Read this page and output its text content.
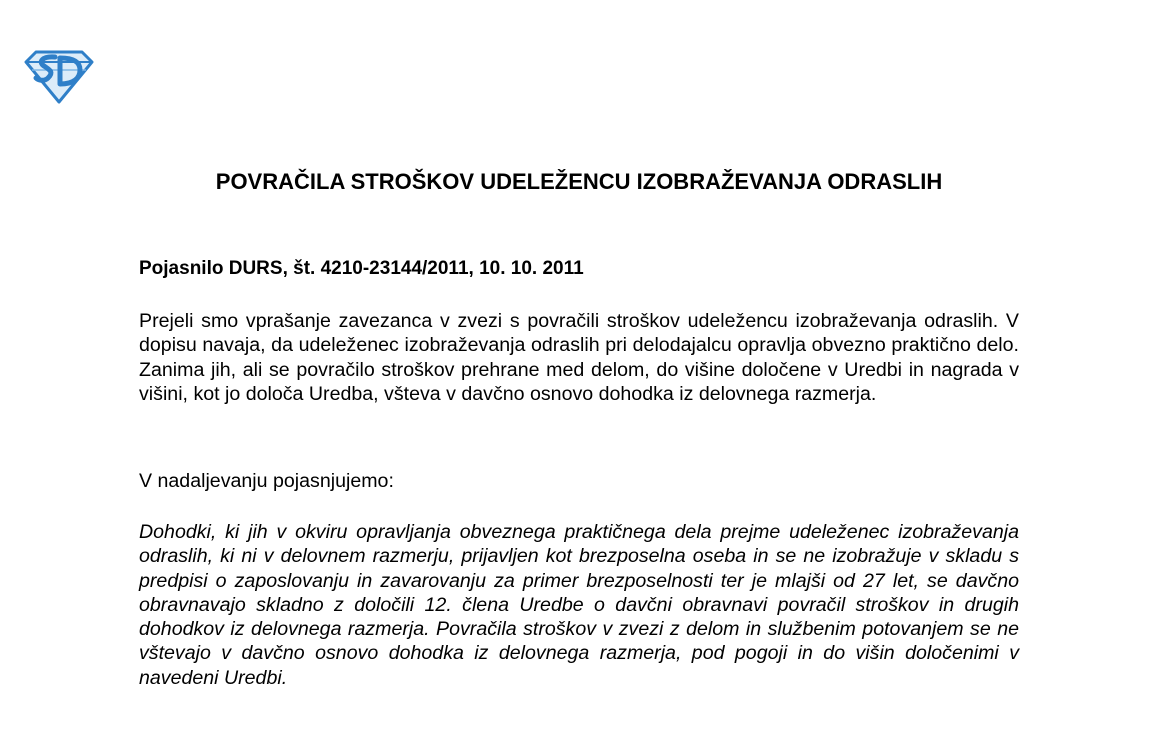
POVRAČILA STROŠKOV UDELEŽENCU IZOBRAŽEVANJA ODRASLIH

Pojasnilo DURS, št. 4210-23144/2011, 10. 10. 2011

Prejeli smo vprašanje zavezanca v zvezi s povračili stroškov udeležencu izobraževanja odraslih. V dopisu navaja, da udeleženec izobraževanja odraslih pri delodajalcu opravlja obvezno praktično delo. Zanima jih, ali se povračilo stroškov prehrane med delom, do višine določene v Uredbi in nagrada v višini, kot jo določa Uredba, všteva v davčno osnovo dohodka iz delovnega razmerja.

V nadaljevanju pojasnjujemo:

Dohodki, ki jih v okviru opravljanja obveznega praktičnega dela prejme udeleženec izobraževanja odraslih, ki ni v delovnem razmerju, prijavljen kot brezposelna oseba in se ne izobražuje v skladu s predpisi o zaposlovanju in zavarovanju za primer brezposelnosti ter je mlajši od 27 let, se davčno obravnavajo skladno z določili 12. člena Uredbe o davčni obravnavi povračil stroškov in drugih dohodkov iz delovnega razmerja. Povračila stroškov v zvezi z delom in službenim potovanjem se ne vštevajo v davčno osnovo dohodka iz delovnega razmerja, pod pogoji in do višin določenimi v navedeni Uredbi.
